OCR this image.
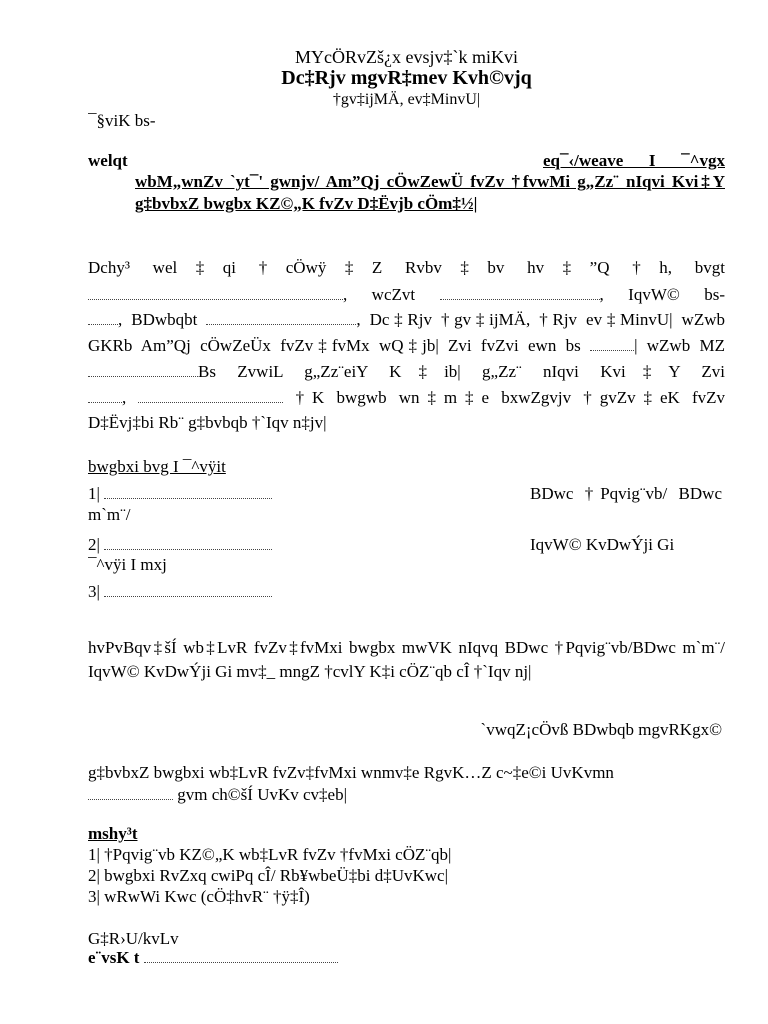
MYcÖRvZš¿x evsjv‡`k miKvi
Dc‡Rjv mgvR‡mev Kvh©vjq
†gv‡ijMÄ, ev‡MinvU|
¯§viK bs-
welqt	eq¯‹/weave I ¯^vgx
wbM„wnZv `yt¯' gwnjv/ Am”Qj cÖwZewÜ fvZv †fvwMi g„Zz¨ nIqvi Kvi‡Y
g‡bvbxZ bwgbx KZ©„K fvZv D‡Ëvjb cÖm‡½|
Dchy³ wel‡qi †cÖwÿ‡Z Rvbv‡bv hv‡”Q †h, bvgt
, wcZvt	, IqvW© bs-
, BDwbqbt	, Dc‡Rjv †gv‡ijMÄ, †Rjv ev‡MinvU| wZwb
GKRb Am”Qj cÖwZeÜx fvZv‡fvMx wQ‡jb| Zvi fvZvi ewn bs	| wZwb MZ
Bs ZvwiL g„Zz¨eiY K‡ib| g„Zz¨ nIqvi Kvi‡Y Zvi
,	†K bwgwb wn‡m‡e bxwZgvjv †gvZv‡eK fvZv
D‡Ëvj‡bi Rb¨ g‡bvbqb †`Iqv n‡jv|
bwgbxi bvg I ¯^vÿit
1|	BDwc †Pqvig¨vb/ BDwc
m`m¨/
2|	IqvW© KvDwÝji Gi
¯^vÿi I mxj
3|
hvPvBqv‡šÍ wb‡LvR fvZv‡fvMxi bwgbx mwVK nIqvq BDwc †Pqvig¨vb/BDwc m`m¨/
IqvW© KvDwÝji Gi mv‡_ mngZ †cvlY K‡i cÖZ¨qb cÎ †`Iqv nj|
`vwqZ¡cÖvß BDwbqb mgvRKgx©
g‡bvbxZ bwgbxi wb‡LvR fvZv‡fvMxi wnmv‡e RgvK…Z c~‡e©i UvKvmn
gvm ch©šÍ UvKv cv‡eb|
mshy³t
1| †Pqvig¨vb KZ©„K wb‡LvR fvZv †fvMxi cÖZ¨qb|
2| bwgbxi RvZxq cwiPq cÎ/ Rb¥wbeÜ‡bi d‡UvKwc|
3| wRwWi Kwc (cÖ‡hvR¨ †ÿ‡Î)
G‡R›U/kvLv
e¨vsK t
